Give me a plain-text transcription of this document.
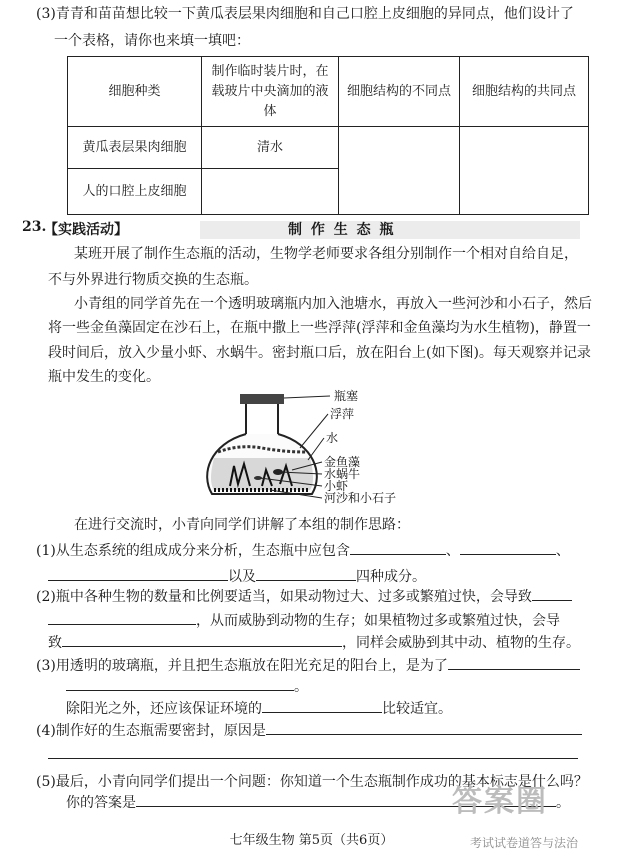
(3)青青和苗苗想比较一下黄瓜表层果肉细胞和自己口腔上皮细胞的异同点，他们设计了
一个表格，请你也来填一填吧：
细胞种类	制作临时装片时，在载玻片中央滴加的液体	细胞结构的不同点	细胞结构的共同点
黄瓜表层果肉细胞	清水		
人的口腔上皮细胞			
23.
【实践活动】	制 作 生 态 瓶
某班开展了制作生态瓶的活动，生物学老师要求各组分别制作一个相对自给自足，
不与外界进行物质交换的生态瓶。
小青组的同学首先在一个透明玻璃瓶内加入池塘水，再放入一些河沙和小石子，然后
将一些金鱼藻固定在沙石上，在瓶中撒上一些浮萍(浮萍和金鱼藻均为水生植物)，静置一
段时间后，放入少量小虾、水蜗牛。密封瓶口后，放在阳台上(如下图)。每天观察并记录
瓶中发生的变化。
瓶塞
浮萍
水
金鱼藻
水蜗牛
小虾
河沙和小石子
在进行交流时，小青向同学们讲解了本组的制作思路：
(1)从生态系统的组成成分来分析，生态瓶中应包含	、	、
以及	四种成分。
(2)瓶中各种生物的数量和比例要适当，如果动物过大、过多或繁殖过快，会导致
，从而威胁到动物的生存；如果植物过多或繁殖过快，会导
致	，同样会威胁到其中动、植物的生存。
(3)用透明的玻璃瓶，并且把生态瓶放在阳光充足的阳台上，是为了
。
除阳光之外，还应该保证环境的	比较适宜。
(4)制作好的生态瓶需要密封，原因是
(5)最后，小青向同学们提出一个问题：你知道一个生态瓶制作成功的基本标志是什么吗？
你的答案是	。
七年级生物 第5页（共6页）
答案圈
考试试卷道答与法治
